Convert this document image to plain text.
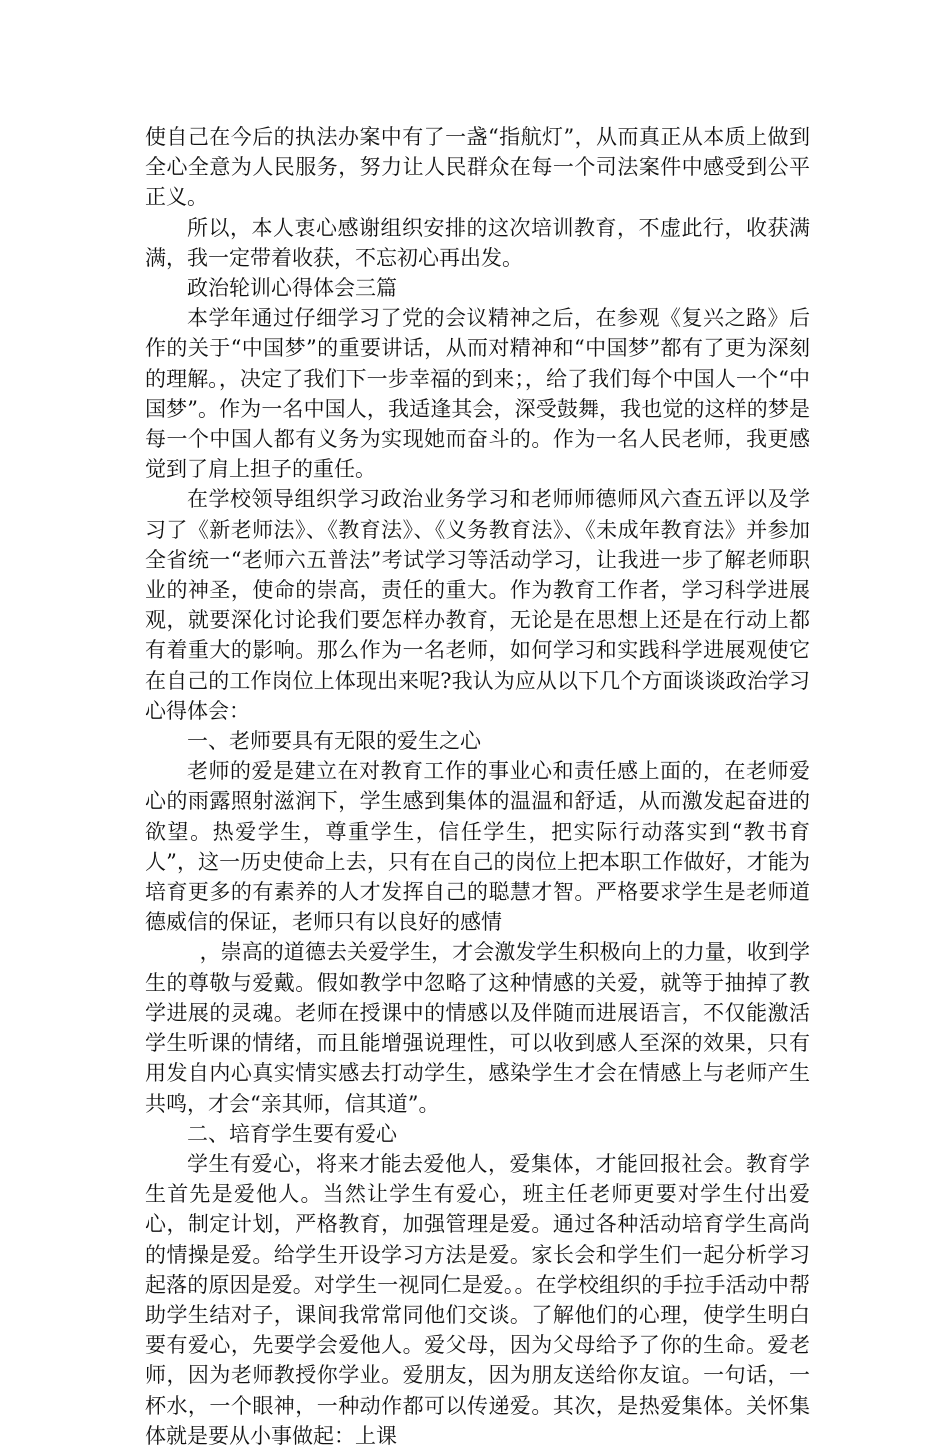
使自己在今后的执法办案中有了一盏“指航灯”，从而真正从本质上做到全心全意为人民服务，努力让人民群众在每一个司法案件中感受到公平正义。

所以，本人衷心感谢组织安排的这次培训教育，不虚此行，收获满满，我一定带着收获，不忘初心再出发。

政治轮训心得体会三篇

本学年通过仔细学习了党的会议精神之后，在参观《复兴之路》后作的关于“中国梦”的重要讲话，从而对精神和“中国梦”都有了更为深刻的理解。，决定了我们下一步幸福的到来；，给了我们每个中国人一个“中国梦”。作为一名中国人，我适逢其会，深受鼓舞，我也觉的这样的梦是每一个中国人都有义务为实现她而奋斗的。作为一名人民老师，我更感觉到了肩上担子的重任。

在学校领导组织学习政治业务学习和老师师德师风六查五评以及学习了《新老师法》、《教育法》、《义务教育法》、《未成年教育法》并参加全省统一“老师六五普法”考试学习等活动学习，让我进一步了解老师职业的神圣，使命的崇高，责任的重大。作为教育工作者，学习科学进展观，就要深化讨论我们要怎样办教育，无论是在思想上还是在行动上都有着重大的影响。那么作为一名老师，如何学习和实践科学进展观使它在自己的工作岗位上体现出来呢?我认为应从以下几个方面谈谈政治学习心得体会：

一、老师要具有无限的爱生之心

老师的爱是建立在对教育工作的事业心和责任感上面的，在老师爱心的雨露照射滋润下，学生感到集体的温温和舒适，从而激发起奋进的欲望。热爱学生，尊重学生，信任学生，把实际行动落实到“教书育人”，这一历史使命上去，只有在自己的岗位上把本职工作做好，才能为培育更多的有素养的人才发挥自己的聪慧才智。严格要求学生是老师道德威信的保证，老师只有以良好的感情

，崇高的道德去关爱学生，才会激发学生积极向上的力量，收到学生的尊敬与爱戴。假如教学中忽略了这种情感的关爱，就等于抽掉了教学进展的灵魂。老师在授课中的情感以及伴随而进展语言，不仅能激活学生听课的情绪，而且能增强说理性，可以收到感人至深的效果，只有用发自内心真实情实感去打动学生，感染学生才会在情感上与老师产生共鸣，才会“亲其师，信其道”。

二、培育学生要有爱心

学生有爱心，将来才能去爱他人，爱集体，才能回报社会。教育学生首先是爱他人。当然让学生有爱心，班主任老师更要对学生付出爱心，制定计划，严格教育，加强管理是爱。通过各种活动培育学生高尚的情操是爱。给学生开设学习方法是爱。家长会和学生们一起分析学习起落的原因是爱。对学生一视同仁是爱。。在学校组织的手拉手活动中帮助学生结对子，课间我常常同他们交谈。了解他们的心理，使学生明白要有爱心，先要学会爱他人。爱父母，因为父母给予了你的生命。爱老师，因为老师教授你学业。爱朋友，因为朋友送给你友谊。一句话，一杯水，一个眼神，一种动作都可以传递爱。其次，是热爱集体。关怀集体就是要从小事做起：上课
